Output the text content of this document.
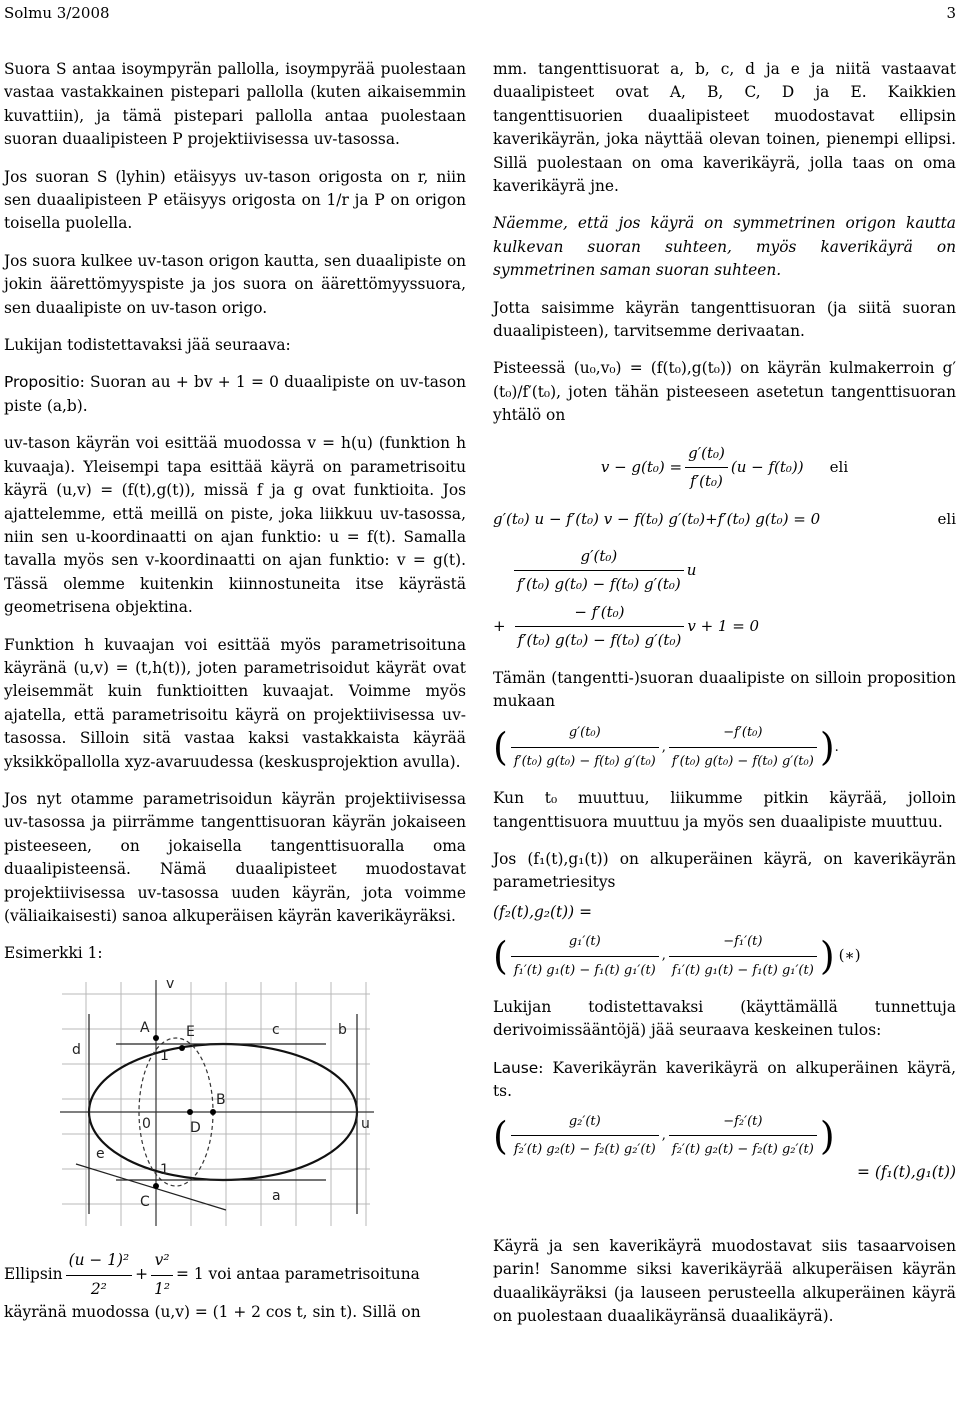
Solmu 3/2008	3

Suora S antaa isoympyrän pallolla, isoympyrää puolestaan vastaa vastakkainen pistepari pallolla (kuten aikaisemmin kuvattiin), ja tämä pistepari pallolla antaa puolestaan suoran duaalipisteen P projektiivisessa uv-tasossa.

Jos suoran S (lyhin) etäisyys uv-tason origosta on r, niin sen duaalipisteen P etäisyys origosta on 1/r ja P on origon toisella puolella.

Jos suora kulkee uv-tason origon kautta, sen duaalipiste on jokin äärettömyyspiste ja jos suora on äärettömyyssuora, sen duaalipiste on uv-tason origo.

Lukijan todistettavaksi jää seuraava:

Propositio: Suoran au + bv + 1 = 0 duaalipiste on uv-tason piste (a,b).

uv-tason käyrän voi esittää muodossa v = h(u) (funktion h kuvaaja). Yleisempi tapa esittää käyrä on parametrisoitu käyrä (u,v) = (f(t),g(t)), missä f ja g ovat funktioita. Jos ajattelemme, että meillä on piste, joka liikkuu uv-tasossa, niin sen u-koordinaatti on ajan funktio: u = f(t). Samalla tavalla myös sen v-koordinaatti on ajan funktio: v = g(t). Tässä olemme kuitenkin kiinnostuneita itse käyrästä geometrisena objektina.

Funktion h kuvaajan voi esittää myös parametrisoituna käyränä (u,v) = (t,h(t)), joten parametrisoidut käyrät ovat yleisemmät kuin funktioitten kuvaajat. Voimme myös ajatella, että parametrisoitu käyrä on projektiivisessa uv-tasossa. Silloin sitä vastaa kaksi vastakkaista käyrää yksikköpallolla xyz-avaruudessa (keskusprojektion avulla).

Jos nyt otamme parametrisoidun käyrän projektiivisessa uv-tasossa ja piirrämme tangenttisuoran käyrän jokaiseen pisteeseen, on jokaisella tangenttisuoralla oma duaalipisteensä. Nämä duaalipisteet muodostavat projektiivisessa uv-tasossa uuden käyrän, jota voimme (väliaikaisesti) sanoa alkuperäisen käyrän kaverikäyräksi.

Esimerkki 1:

v
u
A	E
B
D
C	a
b
c
d
e
1
1
0
Ellipsin $\frac{\text{(u − 1)²}}{\text{2²}} + \frac{\text{v²}}{\text{1²}} = 1$ voi antaa parametrisoituna
käyränä muodossa (u,v) = (1 + 2 cos t, sin t). Sillä on

mm. tangenttisuorat a, b, c, d ja e ja niitä vastaavat duaalipisteet ovat A, B, C, D ja E. Kaikkien tangenttisuorien duaalipisteet muodostavat ellipsin kaverikäyrän, joka näyttää olevan toinen, pienempi ellipsi. Sillä puolestaan on oma kaverikäyrä, jolla taas on oma kaverikäyrä jne.

Näemme, että jos käyrä on symmetrinen origon kautta kulkevan suoran suhteen, myös kaverikäyrä on symmetrinen saman suoran suhteen.

Jotta saisimme käyrän tangenttisuoran (ja siitä suoran duaalipisteen), tarvitsemme derivaatan.

Pisteessä (u₀,v₀) = (f(t₀),g(t₀)) on käyrän kulmakerroin g′(t₀)/f′(t₀), joten tähän pisteeseen asetetun tangenttisuoran yhtälö on

$v - g(t_0) = \frac{\text{g′(t₀)}}{\text{f′(t₀)}} (u - f(t_0))$ eli
g′(t₀) u − f′(t₀) v − f(t₀) g′(t₀)+f′(t₀) g(t₀) = 0	eli
$\frac{\text{g′(t₀)}}{\text{f′(t₀) g(t₀) − f(t₀) g′(t₀)}}$ u
+ $\frac{\text{− f′(t₀)}}{\text{f′(t₀) g(t₀) − f(t₀) g′(t₀)}}$ v + 1 = 0

Tämän (tangentti-)suoran duaalipiste on silloin proposition mukaan

( $\frac{\text{g′(t₀)}}{\text{f′(t₀) g(t₀) − f(t₀) g′(t₀)}}$ , $\frac{\text{−f′(t₀)}}{\text{f′(t₀) g(t₀) − f(t₀) g′(t₀)}}$ ) .

Kun t₀ muuttuu, liikumme pitkin käyrää, jolloin tangenttisuora muuttuu ja myös sen duaalipiste muuttuu.

Jos (f₁(t),g₁(t)) on alkuperäinen käyrä, on kaverikäyrän parametriesitys

(f₂(t),g₂(t)) =
( $\frac{\text{g₁′(t)}}{\text{f₁′(t) g₁(t) − f₁(t) g₁′(t)}}$ , $\frac{\text{−f₁′(t)}}{\text{f₁′(t) g₁(t) − f₁(t) g₁′(t)}}$ ) (∗)

Lukijan todistettavaksi (käyttämällä tunnettuja derivoimissääntöjä) jää seuraava keskeinen tulos:

Lause: Kaverikäyrän kaverikäyrä on alkuperäinen käyrä, ts.

( $\frac{\text{g₂′(t)}}{\text{f₂′(t) g₂(t) − f₂(t) g₂′(t)}}$ , $\frac{\text{−f₂′(t)}}{\text{f₂′(t) g₂(t) − f₂(t) g₂′(t)}}$ )
= (f₁(t),g₁(t))

Käyrä ja sen kaverikäyrä muodostavat siis tasaarvoisen parin! Sanomme siksi kaverikäyrää alkuperäisen käyrän duaalikäyräksi (ja lauseen perusteella alkuperäinen käyrä on puolestaan duaalikäyränsä duaalikäyrä).
